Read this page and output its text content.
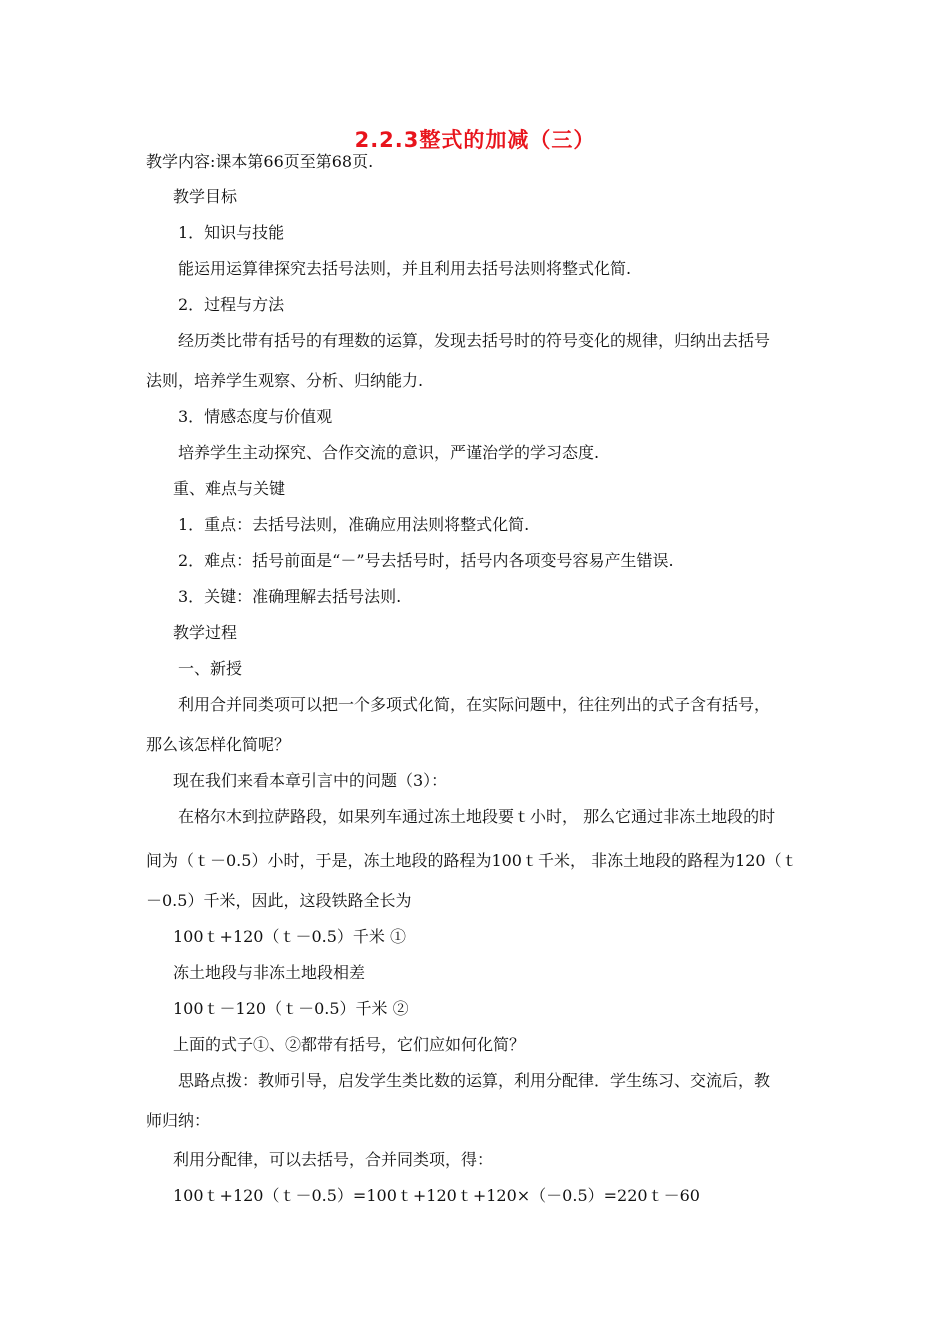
2.2.3整式的加减（三）
教学内容:课本第66页至第68页.
教学目标
1．知识与技能
能运用运算律探究去括号法则，并且利用去括号法则将整式化简.
2．过程与方法
经历类比带有括号的有理数的运算，发现去括号时的符号变化的规律，归纳出去括号
法则，培养学生观察、分析、归纳能力.
3．情感态度与价值观
培养学生主动探究、合作交流的意识，严谨治学的学习态度.
重、难点与关键
1．重点：去括号法则，准确应用法则将整式化简.
2．难点：括号前面是“－”号去括号时，括号内各项变号容易产生错误.
3．关键：准确理解去括号法则.
教学过程
一、新授
利用合并同类项可以把一个多项式化简，在实际问题中，往往列出的式子含有括号，
那么该怎样化简呢？
现在我们来看本章引言中的问题（3）：
在格尔木到拉萨路段，如果列车通过冻土地段要ｔ小时， 那么它通过非冻土地段的时
间为（ｔ－0.5）小时，于是，冻土地段的路程为100ｔ千米， 非冻土地段的路程为120（ｔ
－0.5）千米，因此，这段铁路全长为
100ｔ+120（ｔ－0.5）千米 ①
冻土地段与非冻土地段相差
100ｔ－120（ｔ－0.5）千米 ②
上面的式子①、②都带有括号，它们应如何化简？
思路点拨：教师引导，启发学生类比数的运算，利用分配律．学生练习、交流后，教
师归纳：
利用分配律，可以去括号，合并同类项，得：
100ｔ+120（ｔ－0.5）=100ｔ+120ｔ+120×（－0.5）=220ｔ－60
